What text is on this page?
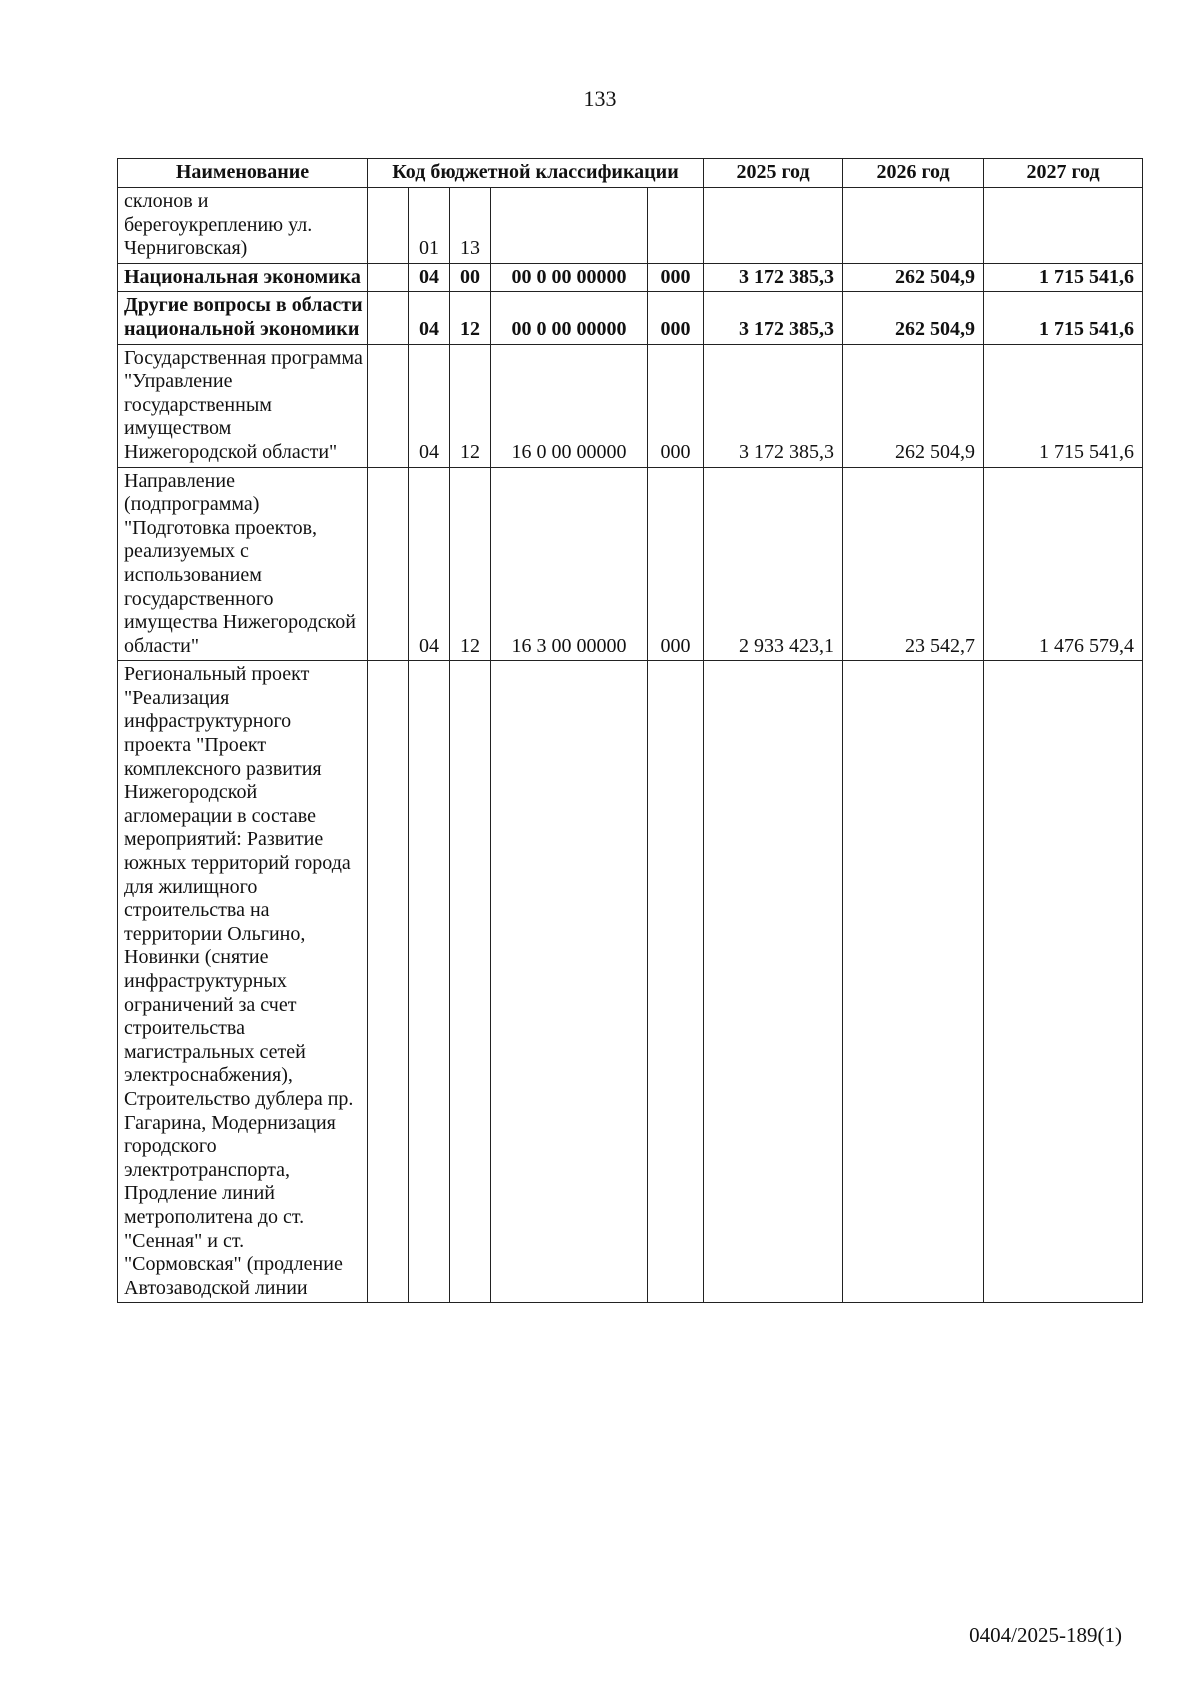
133
Наименование	Код бюджетной классификации					2025 год	2026 год	2027 год
склонов и берегоукреплению ул. Черниговская)		01	13					
Национальная экономика		04	00	00 0 00 00000	000	3 172 385,3	262 504,9	1 715 541,6
Другие вопросы в области национальной экономики		04	12	00 0 00 00000	000	3 172 385,3	262 504,9	1 715 541,6
Государственная программа "Управление государственным имуществом Нижегородской области"		04	12	16 0 00 00000	000	3 172 385,3	262 504,9	1 715 541,6
Направление (подпрограмма) "Подготовка проектов, реализуемых с использованием государственного имущества Нижегородской области"		04	12	16 3 00 00000	000	2 933 423,1	23 542,7	1 476 579,4
Региональный проект "Реализация инфраструктурного проекта "Проект комплексного развития Нижегородской агломерации в составе мероприятий: Развитие южных территорий города для жилищного строительства на территории Ольгино, Новинки (снятие инфраструктурных ограничений за счет строительства магистральных сетей электроснабжения), Строительство дублера пр. Гагарина, Модернизация городского электротранспорта, Продление линий метрополитена до ст. "Сенная" и ст. "Сормовская" (продление Автозаводской линии								
0404/2025-189(1)
